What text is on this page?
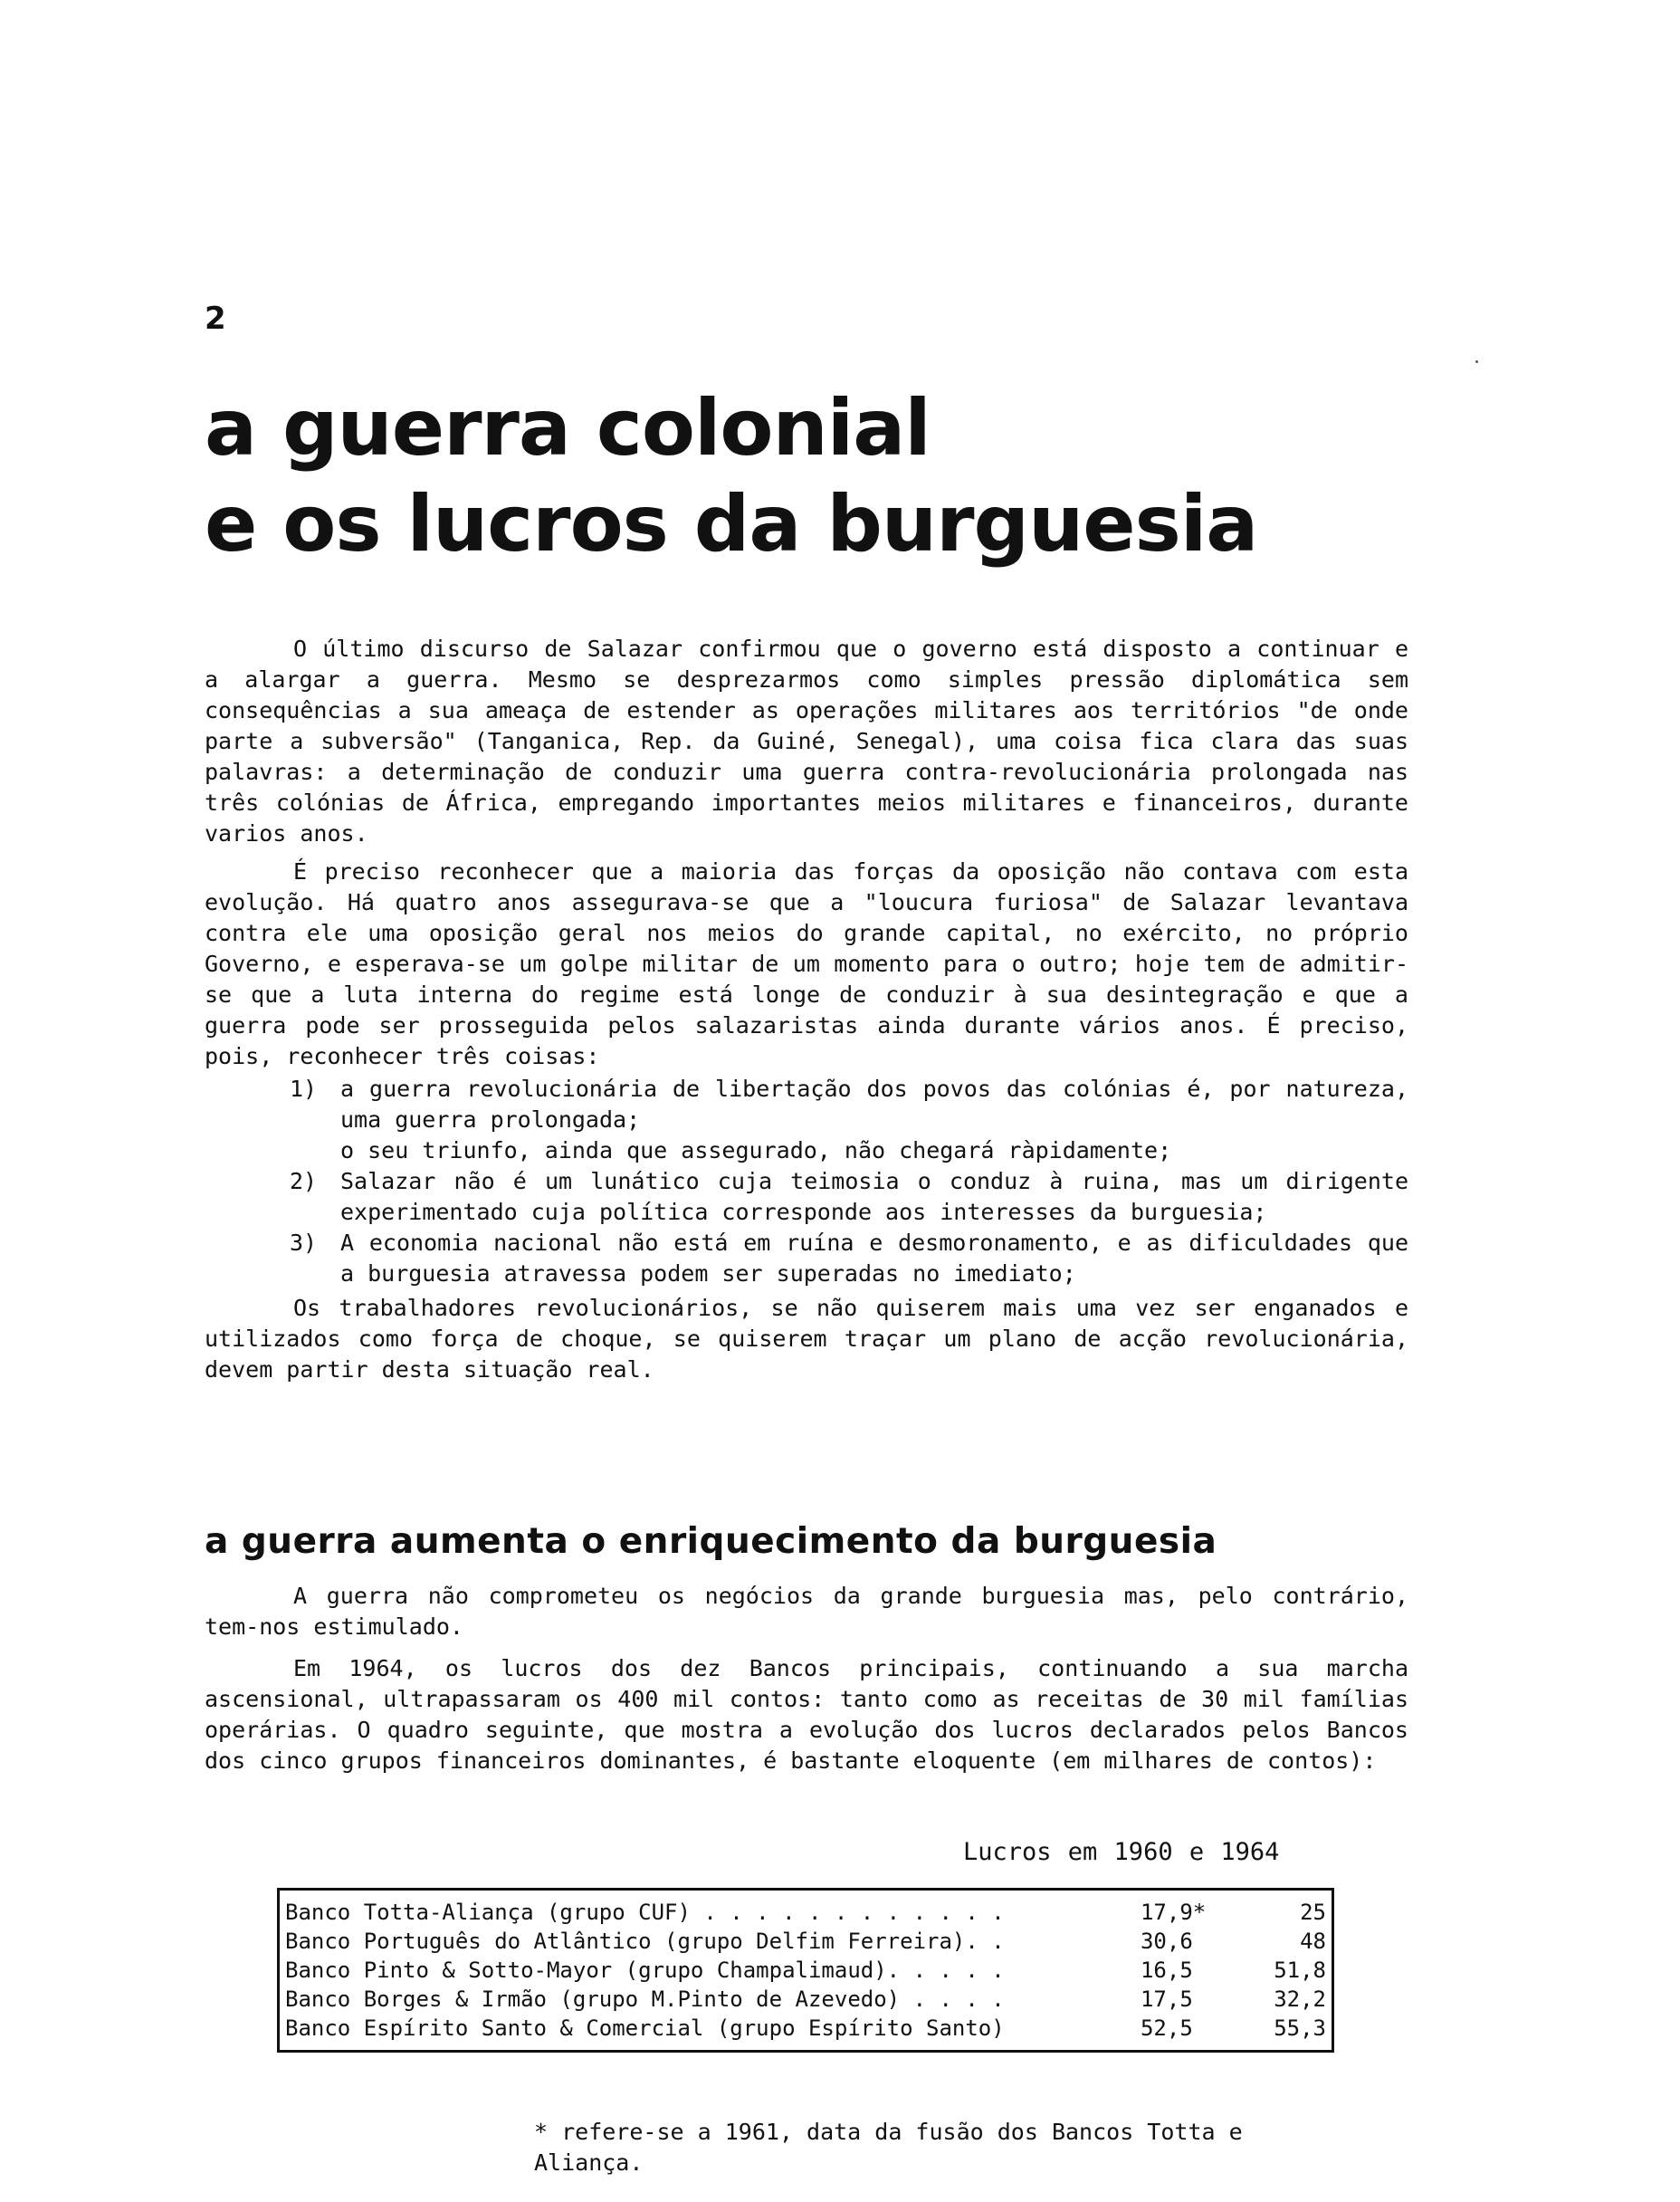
2
a guerra colonial
e os lucros da burguesia

O último discurso de Salazar confirmou que o governo está disposto a continuar e a alargar a guerra. Mesmo se desprezarmos como simples pressão diplomática sem consequências a sua ameaça de estender as operações militares aos territórios "de onde parte a subversão" (Tanganica, Rep. da Guiné, Senegal), uma coisa fica clara das suas palavras: a determinação de conduzir uma guerra contra-revolucionária prolongada nas três colónias de África, empregando importantes meios militares e financeiros, durante varios anos.

É preciso reconhecer que a maioria das forças da oposição não contava com esta evolução. Há quatro anos assegurava-se que a "loucura furiosa" de Salazar levantava contra ele uma oposição geral nos meios do grande capital, no exército, no próprio Governo, e esperava-se um golpe militar de um momento para o outro; hoje tem de admitir-se que a luta interna do regime está longe de conduzir à sua desintegração e que a guerra pode ser prosseguida pelos salazaristas ainda durante vários anos. É preciso, pois, reconhecer três coisas:

1)	a guerra revolucionária de libertação dos povos das colónias é, por natureza, uma guerra prolongada;
o seu triunfo, ainda que assegurado, não chegará ràpidamente;
2)	Salazar não é um lunático cuja teimosia o conduz à ruina, mas um dirigente experimentado cuja política corresponde aos interesses da burguesia;
3)	A economia nacional não está em ruína e desmoronamento, e as dificuldades que a burguesia atravessa podem ser superadas no imediato;

Os trabalhadores revolucionários, se não quiserem mais uma vez ser enganados e utilizados como força de choque, se quiserem traçar um plano de acção revolucionária, devem partir desta situação real.

a guerra aumenta o enriquecimento da burguesia

A guerra não comprometeu os negócios da grande burguesia mas, pelo contrário, tem-nos estimulado.

Em 1964, os lucros dos dez Bancos principais, continuando a sua marcha ascensional, ultrapassaram os 400 mil contos: tanto como as receitas de 30 mil famílias operárias. O quadro seguinte, que mostra a evolução dos lucros declarados pelos Bancos dos cinco grupos financeiros dominantes, é bastante eloquente (em milhares de contos):

Lucros em 1960 e 1964
Banco Totta-Aliança (grupo CUF) . . . . . . . . . . . .	17,9*	25
Banco Português do Atlântico (grupo Delfim Ferreira). .	30,6	48
Banco Pinto & Sotto-Mayor (grupo Champalimaud). . . . .	16,5	51,8
Banco Borges & Irmão (grupo M.Pinto de Azevedo) . . . .	17,5	32,2
Banco Espírito Santo & Comercial (grupo Espírito Santo)	52,5	55,3
* refere-se a 1961, data da fusão dos Bancos Totta e Aliança.
